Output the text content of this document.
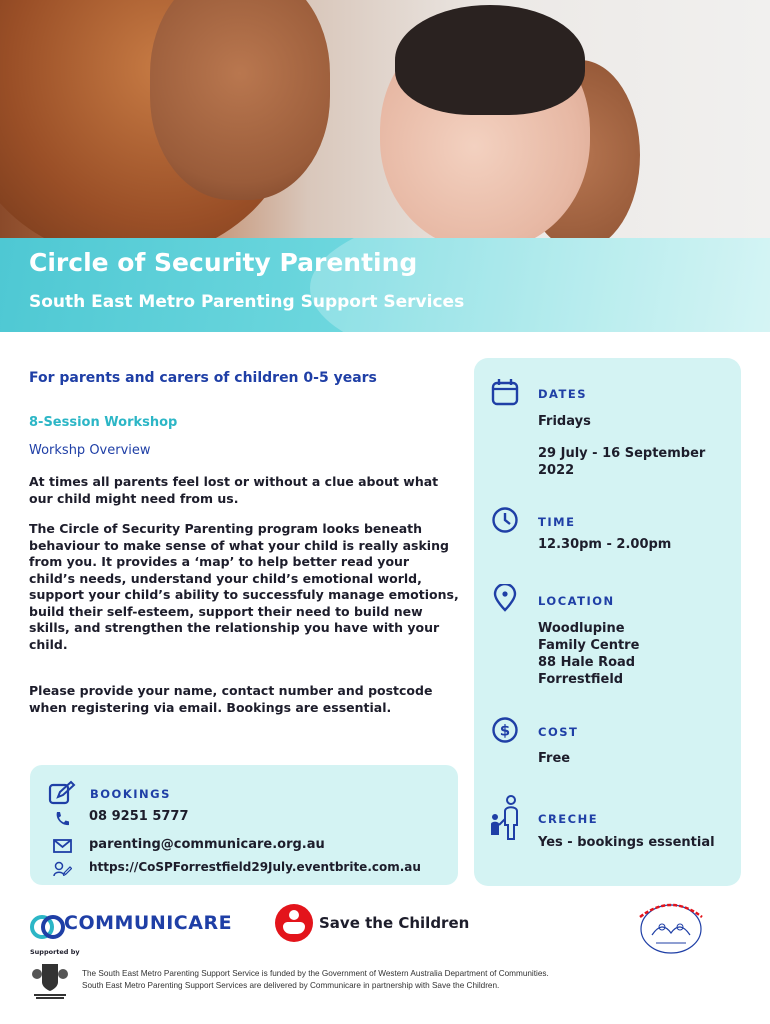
Circle of Security Parenting
South East Metro Parenting Support Services
For parents and carers of children 0-5 years
8-Session Workshop
Workshp Overview
At times all parents feel lost or without a clue about what our child might need from us.
The Circle of Security Parenting program looks beneath behaviour to make sense of what your child is really asking from you. It provides a ‘map’ to help better read your child’s needs, understand your child’s emotional world, support your child’s ability to successfuly manage emotions, build their self-esteem, support their need to build new skills, and strengthen the relationship you have with your child.
Please provide your name, contact number and postcode when registering via email. Bookings are essential.
BOOKINGS
08 9251 5777
parenting@communicare.org.au
https://CoSPForrestfield29July.eventbrite.com.au
DATES
Fridays
29 July - 16 September 2022
TIME
12.30pm - 2.00pm
LOCATION
Woodlupine
Family Centre
88 Hale Road
Forrestfield
$ COST
Free
CRECHE
Yes - bookings essential
COMMUNICARE	Save the Children
Supported by
The South East Metro Parenting Support Service is funded by the Government of Western Australia Department of Communities.
South East Metro Parenting Support Services are delivered by Communicare in partnership with Save the Children.
